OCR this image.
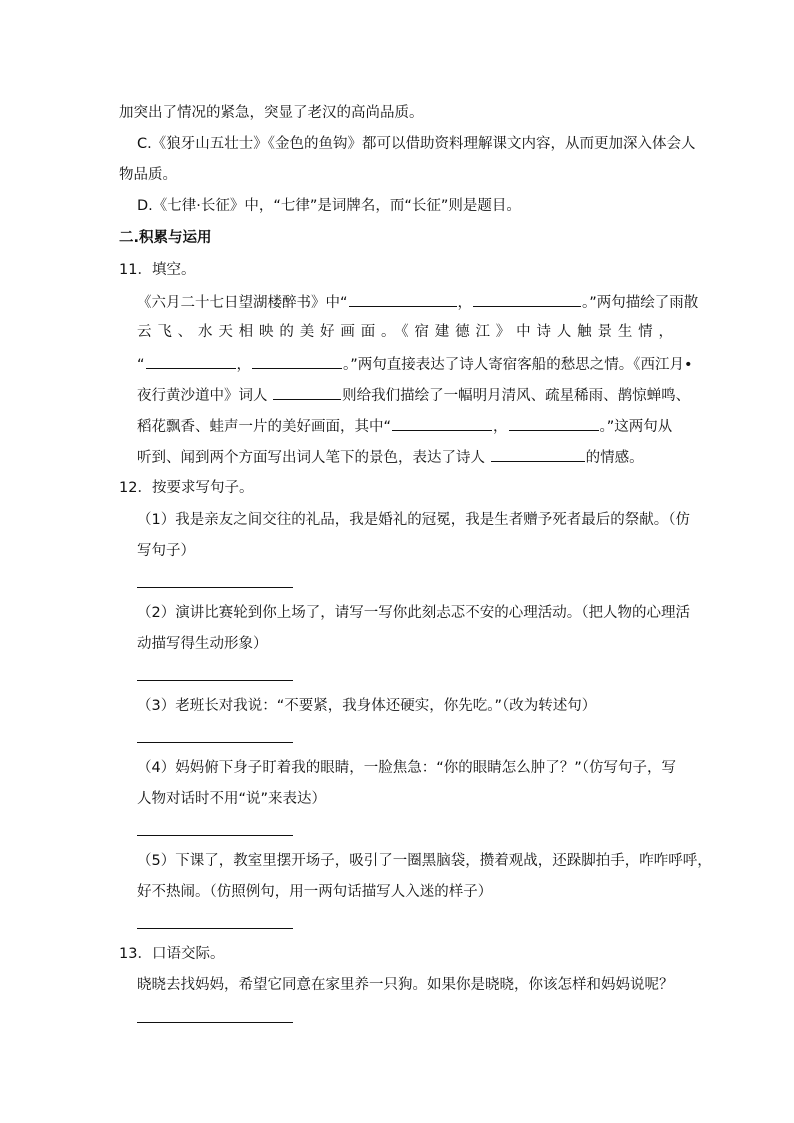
加突出了情况的紧急，突显了老汉的高尚品质。
C.《狼牙山五壮士》《金色的鱼钩》都可以借助资料理解课文内容，从而更加深入体会人
物品质。
D.《七律·长征》中，“七律”是词牌名，而“长征”则是题目。
二.积累与运用
11．填空。
《六月二十七日望湖楼醉书》中“	，	。”两句描绘了雨散
云飞、水天相映的美好画面。《宿建德江》中诗人触景生情，
“	，	。”两句直接表达了诗人寄宿客船的愁思之情。《西江月•
夜行黄沙道中》词人	则给我们描绘了一幅明月清风、疏星稀雨、鹊惊蝉鸣、
稻花飘香、蛙声一片的美好画面，其中“	，	。”这两句从
听到、闻到两个方面写出词人笔下的景色，表达了诗人	的情感。
12．按要求写句子。
（1）我是亲友之间交往的礼品，我是婚礼的冠冕，我是生者赠予死者最后的祭献。（仿
写句子）
（2）演讲比赛轮到你上场了，请写一写你此刻忐忑不安的心理活动。（把人物的心理活
动描写得生动形象）
（3）老班长对我说：“不要紧，我身体还硬实，你先吃。”（改为转述句）
（4）妈妈俯下身子盯着我的眼睛，一脸焦急：“你的眼睛怎么肿了？”（仿写句子，写
人物对话时不用“说”来表达）
（5）下课了，教室里摆开场子，吸引了一圈黑脑袋，攒着观战，还跺脚拍手，咋咋呼呼，
好不热闹。（仿照例句，用一两句话描写人入迷的样子）
13．口语交际。
晓晓去找妈妈，希望它同意在家里养一只狗。如果你是晓晓，你该怎样和妈妈说呢？
